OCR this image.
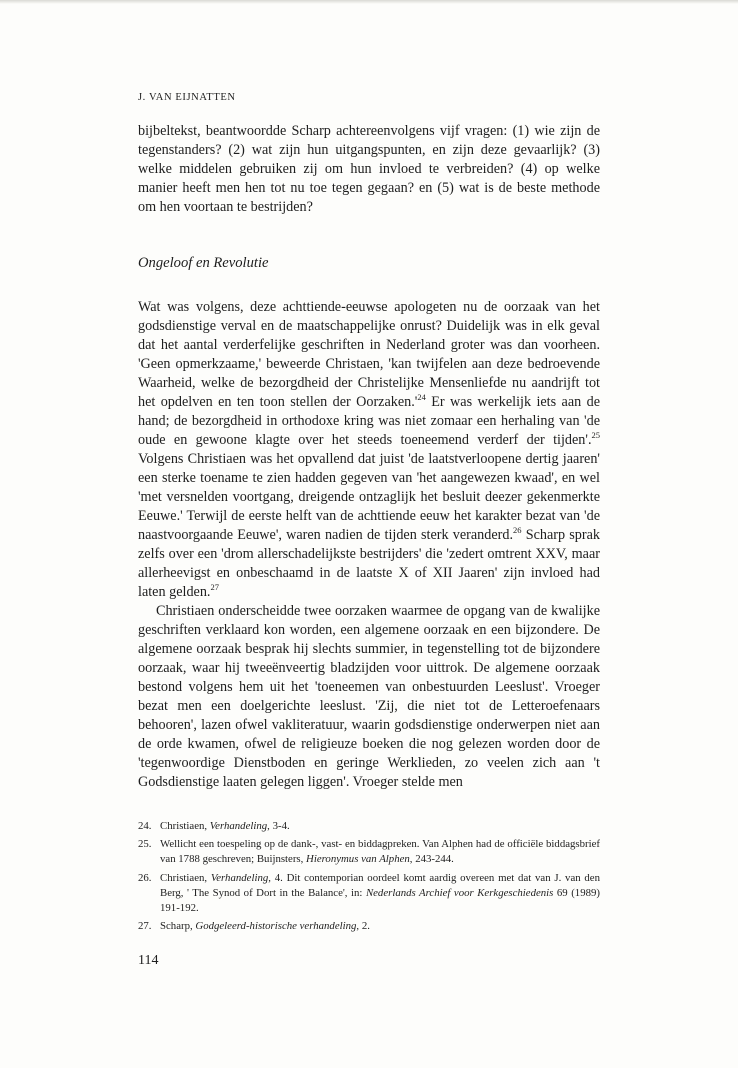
J. VAN EIJNATTEN

bijbeltekst, beantwoordde Scharp achtereenvolgens vijf vragen: (1) wie zijn de tegenstanders? (2) wat zijn hun uitgangspunten, en zijn deze gevaarlijk? (3) welke middelen gebruiken zij om hun invloed te verbreiden? (4) op welke manier heeft men hen tot nu toe tegen gegaan? en (5) wat is de beste methode om hen voortaan te bestrijden?

Ongeloof en Revolutie

Wat was volgens, deze achttiende-eeuwse apologeten nu de oorzaak van het godsdienstige verval en de maatschappelijke onrust? Duidelijk was in elk geval dat het aantal verderfelijke geschriften in Nederland groter was dan voorheen. 'Geen opmerkzaame,' beweerde Christaen, 'kan twijfelen aan deze bedroevende Waarheid, welke de bezorgdheid der Christelijke Mensenliefde nu aandrijft tot het opdelven en ten toon stellen der $Oorzaken.'^{24}$ Er was werkelijk iets aan de hand; de bezorgdheid in orthodoxe kring was niet zomaar een herhaling van 'de oude en gewoone klagte over het steeds toeneemend verderf der tijden'.$^{25}$ Volgens Christiaen was het opvallend dat juist 'de laatstverloopene dertig jaaren' een sterke toename te zien hadden gegeven van 'het aangewezen kwaad', en wel 'met versnelden voortgang, dreigende ontzaglijk het besluit deezer gekenmerkte Eeuwe.' Terwijl de eerste helft van de achttiende eeuw het karakter bezat van 'de naastvoorgaande Eeuwe', waren nadien de tijden sterk veranderd.$^{26}$ Scharp sprak zelfs over een 'drom allerschadelijkste bestrijders' die 'zedert omtrent XXV, maar allerheevigst en onbeschaamd in de laatste X of XII Jaaren' zijn invloed had laten gelden.$^{27}$

Christiaen onderscheidde twee oorzaken waarmee de opgang van de kwalijke geschriften verklaard kon worden, een algemene oorzaak en een bijzondere. De algemene oorzaak besprak hij slechts summier, in tegenstelling tot de bijzondere oorzaak, waar hij tweeënveertig bladzijden voor uittrok. De algemene oorzaak bestond volgens hem uit het 'toeneemen van onbestuurden Leeslust'. Vroeger bezat men een doelgerichte leeslust. 'Zij, die niet tot de Letteroefenaars behooren', lazen ofwel vakliteratuur, waarin godsdienstige onderwerpen niet aan de orde kwamen, ofwel de religieuze boeken die nog gelezen worden door de 'tegenwoordige Dienstboden en geringe Werklieden, zo veelen zich aan 't Godsdienstige laaten gelegen liggen'. Vroeger stelde men

24. Christiaen, Verhandeling, 3-4.
25. Wellicht een toespeling op de dank-, vast- en biddagpreken. Van Alphen had de officiële biddagsbrief van 1788 geschreven; Buijnsters, Hieronymus van Alphen, 243-244.
26. Christiaen, Verhandeling, 4. Dit contemporian oordeel komt aardig overeen met dat van J. van den Berg, ' The Synod of Dort in the Balance', in: Nederlands Archief voor Kerkgeschiedenis 69 (1989) 191-192.
27. Scharp, Godgeleerd-historische verhandeling, 2.
114
